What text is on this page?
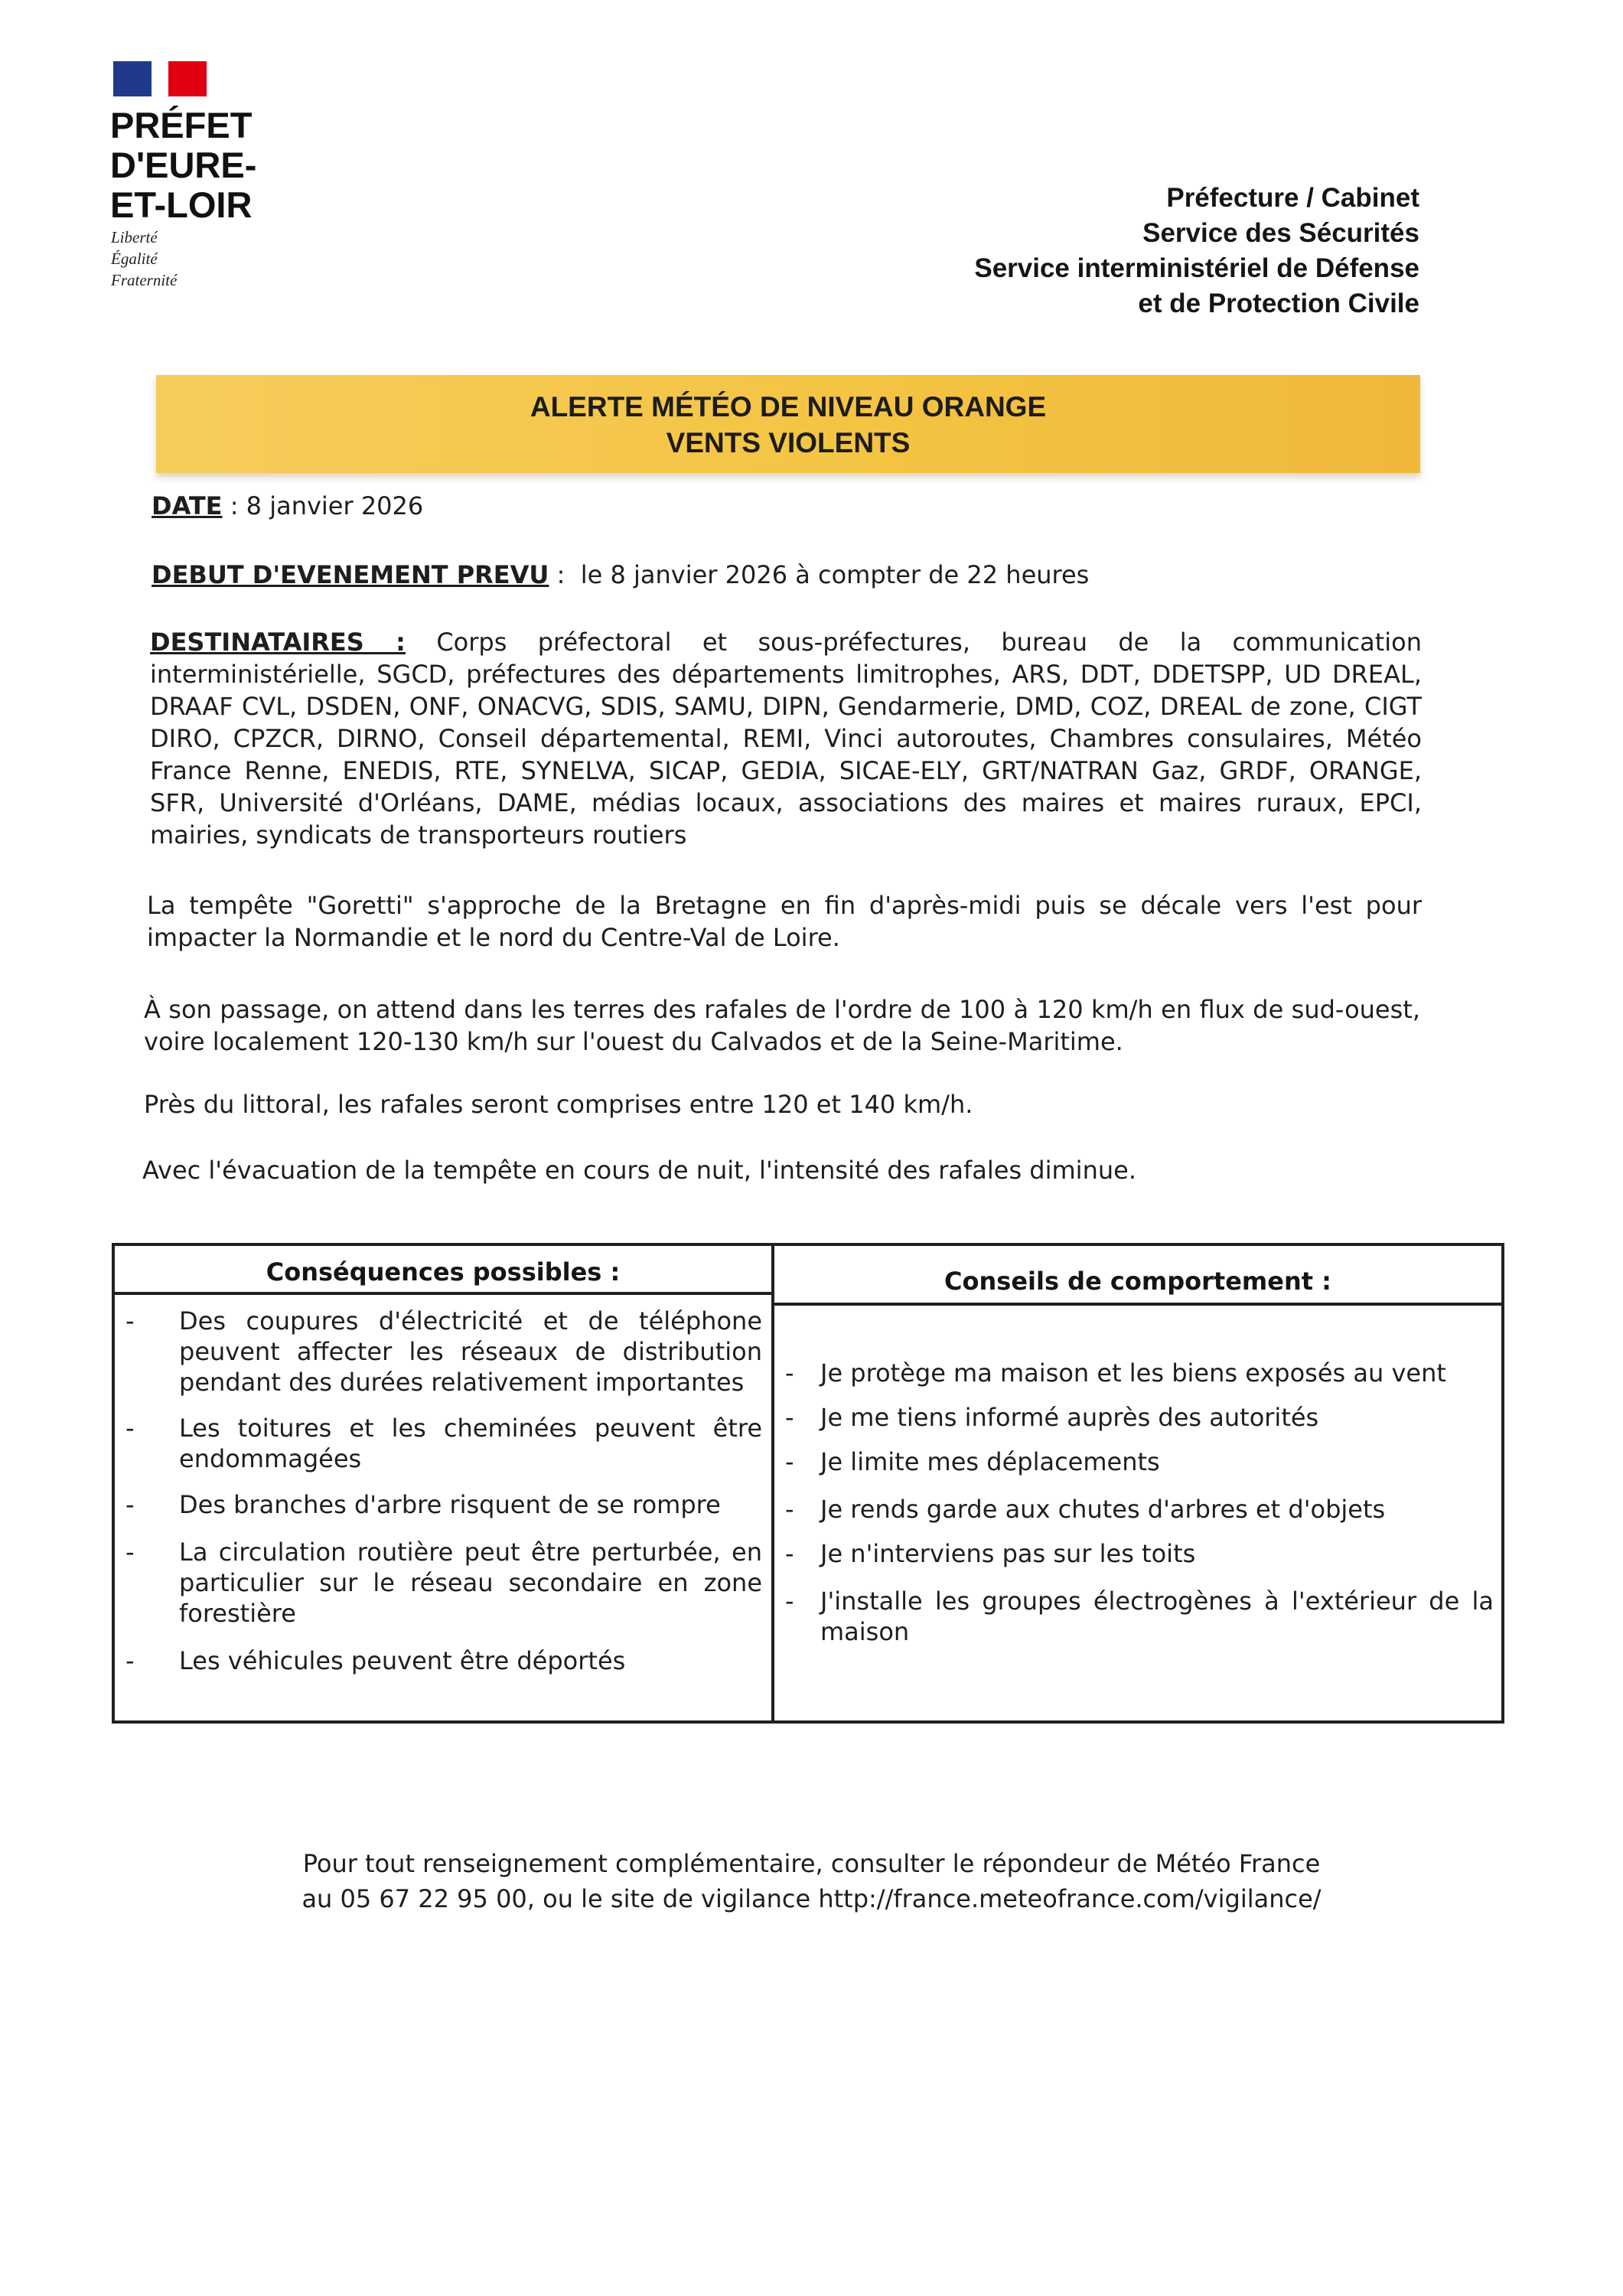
PRÉFET
D'EURE-
ET-LOIR
Liberté
Égalité
Fraternité
Préfecture / Cabinet
Service des Sécurités
Service interministériel de Défense
et de Protection Civile
ALERTE MÉTÉO DE NIVEAU ORANGE
VENTS VIOLENTS
DATE : 8 janvier 2026
DEBUT D'EVENEMENT PREVU :  le 8 janvier 2026 à compter de 22 heures
DESTINATAIRES : Corps préfectoral et sous-préfectures, bureau de la communication interministérielle, SGCD, préfectures des départements limitrophes, ARS, DDT, DDETSPP, UD DREAL, DRAAF CVL, DSDEN, ONF, ONACVG, SDIS, SAMU, DIPN, Gendarmerie, DMD, COZ, DREAL de zone, CIGT DIRO, CPZCR, DIRNO, Conseil départemental, REMI, Vinci autoroutes, Chambres consulaires, Météo France Renne, ENEDIS, RTE, SYNELVA, SICAP, GEDIA, SICAE-ELY, GRT/NATRAN Gaz, GRDF, ORANGE, SFR, Université d'Orléans, DAME, médias locaux, associations des maires et maires ruraux, EPCI, mairies, syndicats de transporteurs routiers
La tempête "Goretti" s'approche de la Bretagne en fin d'après-midi puis se décale vers l'est pour impacter la Normandie et le nord du Centre-Val de Loire.
À son passage, on attend dans les terres des rafales de l'ordre de 100 à 120 km/h en flux de sud-ouest, voire localement 120-130 km/h sur l'ouest du Calvados et de la Seine-Maritime.
Près du littoral, les rafales seront comprises entre 120 et 140 km/h.
Avec l'évacuation de la tempête en cours de nuit, l'intensité des rafales diminue.
Conséquences possibles :	Conseils de comportement :
- Des coupures d'électricité et de téléphone peuvent affecter les réseaux de distribution pendant des durées relativement importantes
- Les toitures et les cheminées peuvent être endommagées
- Des branches d'arbre risquent de se rompre
- La circulation routière peut être perturbée, en particulier sur le réseau secondaire en zone forestière
- Les véhicules peuvent être déportés
- Je protège ma maison et les biens exposés au vent
- Je me tiens informé auprès des autorités
- Je limite mes déplacements
- Je rends garde aux chutes d'arbres et d'objets
- Je n'interviens pas sur les toits
- J'installe les groupes électrogènes à l'extérieur de la maison
Pour tout renseignement complémentaire, consulter le répondeur de Météo France
au 05 67 22 95 00, ou le site de vigilance http://france.meteofrance.com/vigilance/
